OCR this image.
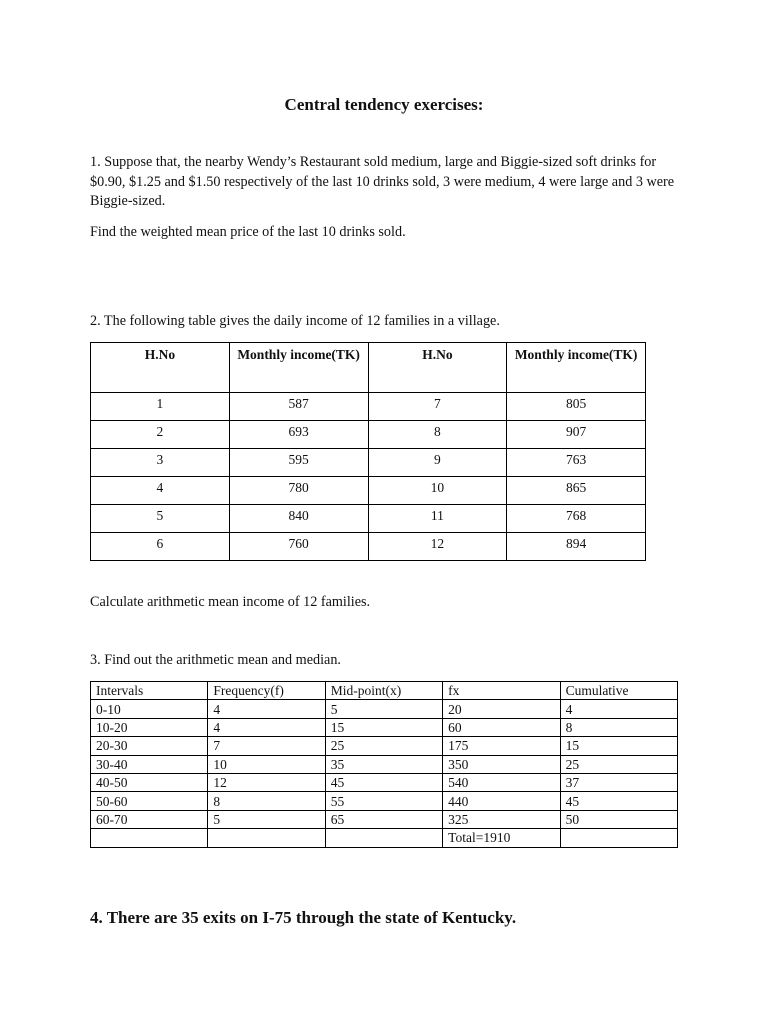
Central tendency exercises:
1. Suppose that, the nearby Wendy’s Restaurant sold medium, large and Biggie-sized soft drinks for $0.90, $1.25 and $1.50 respectively of the last 10 drinks sold, 3 were medium, 4 were large and 3 were Biggie-sized.
Find the weighted mean price of the last 10 drinks sold.
2. The following table gives the daily income of 12 families in a village.
H.No	Monthly income(TK)	H.No	Monthly income(TK)
1	587	7	805
2	693	8	907
3	595	9	763
4	780	10	865
5	840	11	768
6	760	12	894
Calculate arithmetic mean income of 12 families.
3. Find out the arithmetic mean and median.
Intervals	Frequency(f)	Mid-point(x)	fx	Cumulative
0-10	4	5	20	4
10-20	4	15	60	8
20-30	7	25	175	15
30-40	10	35	350	25
40-50	12	45	540	37
50-60	8	55	440	45
60-70	5	65	325	50
			Total=1910	
4. There are 35 exits on I-75 through the state of Kentucky.
